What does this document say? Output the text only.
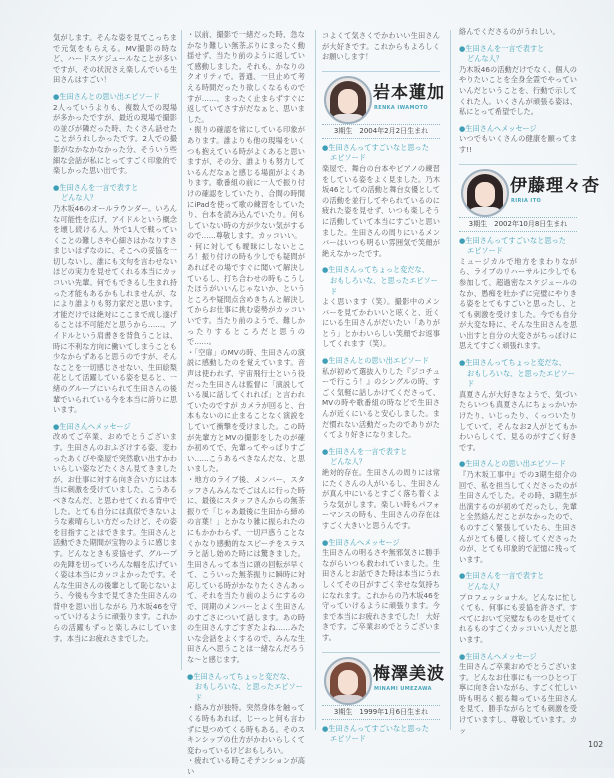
気がします。そんな姿を見てこっちまで元気をもらえる。MV撮影の時など、ハードスケジュールなことが多いですが、その状況さえ楽しんでいる生田さんはすごい！

●生田さんとの思い出エピソード

2人っていうよりも、複数人での現場が多かったですが、最近の現場で撮影の並びが隣だった時、たくさん話せたことがうれしかったです。2人での撮影がなかなかなかった分、そういう些細な会話が私にとってすごく印象的で楽しかった思い出です。

●生田さんを一言で表すと
どんな人？

乃木坂46のオールラウンダー。いろんな可能性を広げ、アイドルという概念を壊し続ける人。外で1人で戦っていくことの難しさや心細さはかなりすさまじいはずなのに、そこへの妥協を一切しないし、誰にも文句を言わせないほどの実力を見せてくれる本当にカッコいい先輩。何でもできるし生まれ持った才能もあるかもしれませんが、なにより誰よりも努力家だと思います。才能だけでは絶対にここまで成し遂げることは不可能だと思うから……。アイドルという肩書きを背負うことは、時に不利な方向に働いてしまうことも少なからずあると思うのですが、そんなことを一切感じさせない、生田絵梨花として活躍している姿を見ると、一緒のグループにいられて生田さんの後輩でいられている今を本当に誇りに思います。

●生田さんへメッセージ

改めてご卒業、おめでとうございます。生田さんのおふざけする姿、変わったあくびや楽屋で突然歌い出すかわいらしい姿などたくさん見てきましたが、お仕事に対する向き合い方には本当に刺激を受けていました。こうあるべきなんだ、と思わせてくれる背中でした。とても自分には真似できないような素晴らしい方だったけど、その姿を目指すことはできます。生田さんと活動できた期間が宝物のように感じます。どんなときも妥協せず、グループの先陣を切っていろんな幅を広げていく姿は本当にカッコよかったです。そんな生田さんの後輩として恥じないよう、今後も今まで見てきた生田さんの背中を思い出しながら 乃木坂46を守っていけるように頑張ります。これからの活躍もずっと楽しみにしています。本当にお疲れさまでした。

・以前、撮影で一緒だった時、急なかなり難しい無茶ぶりにまったく動揺せず、当たり前のように返していて感動しました。それも、かなりのクオリティで。普通、一旦止めて考える時間だったり欲しくなるものですが……、まったく止まらずすぐに返していてさすがだなぁと、思いました。

・振りの確認を常にしている印象があります。誰よりも他の現場をいくつも抱えている時がよくあると思いますが、その分、誰よりも努力しているんだなぁと感じる場面がよくあります。歌番組の前に一人で振り付けの確認をしていたり、合間の時間にiPadを使って歌の練習をしていたり、台本を読み込んでいたり。何もしていない時の方が少ない気がするので……尊敬します。カッコいい。

・何に対しても曖昧にしないところ！振り付けの時も少しでも疑問があればその場ですぐに聞いて解決しているし、打ち合わせの時もこうしたほうがいいんじゃないか、というところや疑問点含めきちんと解決してからお仕事に挑む姿勢がカッコいいです。当たり前のようで、難しかったりするところだと思うので……。

・「空扉」のMVの時、生田さんの演説に感動したのを覚えています。音声は使われず、宇宙飛行士という役だった生田さんは監督に「演説している風に話してくれれば」と言われていたのですが カメラが回ると、台本もないのに止まることなく演説をしていて衝撃を受けました。この時が先輩方とMVの撮影をしたのが確か初めてで、先輩ってやっぱりすごい……こうあるべきなんだな、と思いました。

・地方のライブ後、メンバー、スタッフさんみんなでごはんに行った時に、最後にスタッフさんからの無茶振りで「じゃあ最後に生田から締めの言葉！」とかなり雑に振られたのにもかかわらず、一切戸惑うことなくかなり感動的なスピーチをスラスラと話し始めた時には驚きました。生田さんって本当に頭の回転が早くて、こういった無茶振りに瞬時に対応している時がかなりたくさんあって、それを当たり前のようにするので、同期のメンバーとよく生田さんのすごさについて話します。あの時の生田さんすごすぎたよね……みたいな会話をよくするので、みんな生田さんへ思うことは一緒なんだろうな～と感じます。

●生田さんってちょっと変だな、
おもしろいな、と思ったエピソード

・絡み方が独特。突然身体を触ってくる時もあれば、じーっと何も言わずに見つめてくる時もある。そのスキンシップの仕方がかわいらしくて変わっているけどおもしろい。

・疲れている時こそテンションが高い

コよくて気さくでかわいい生田さんが大好きです。これからもよろしくお願いします！

岩本蓮加
RENKA IWAMOTO
3期生　2004年2月2日生まれ

●生田さんってすごいなと思った
エピソード

楽屋で、舞台の台本やピアノの練習をしている姿をよく見ました。乃木坂46としての活動と舞台女優としての活動を並行してやられているのに疲れた姿を見せず、いつも楽しそうに活動していて本当にすごいと思いました。生田さんの周りにいるメンバーはいつも明るい雰囲気で笑顔が絶えなかったです。

●生田さんってちょっと変だな、
おもしろいな、と思ったエピソード

よく思います（笑）。撮影中のメンバーを見てかわいいと呟くと、近くにいる生田さんがだいたい「ありがとう」とかわいらしい笑顔でお返事してくれます（笑）。

●生田さんとの思い出エピソード

私が初めて選抜入りした『ジコチューで行こう！』のシングルの時、すごく気軽に話しかけてくださって、MVの時や歌番組の時などで生田さんが近くにいると安心しました。まだ慣れない活動だったのでありがたくてより好きになりました。

●生田さんを一言で表すと
どんな人？

絶対的存在。生田さんの周りには常にたくさんの人がいるし、生田さんが真ん中にいるとすごく落ち着くような気がします。楽しい時もパフォーマンスの時も、生田さんの存在はすごく大きいと思うんです。

●生田さんへメッセージ

生田さんの明るさや無邪気さに勝手ながらいつも救われていました。生田さんとお話できた時は本当にうれしくてその日がすごく幸せな気持ちになれます。これからの乃木坂46を守っていけるように頑張ります。今まで本当にお疲れさまでした！ 大好きです。ご卒業おめでとうございます。

梅澤美波
MINAMI UMEZAWA
3期生　1999年1月6日生まれ

●生田さんってすごいなと思った
エピソード

絡んでくださるのがうれしい。

●生田さんを一言で表すと
どんな人？

乃木坂46の活動だけでなく、個人のやりたいことを全身全霊でやっていいんだということを、行動で示してくれた人。いくさんが頑張る姿は、私にとって希望でした。

●生田さんへメッセージ

いつでもいくさんの健康を願ってます!!

伊藤理々杏
RIRIA ITO
3期生　2002年10月8日生まれ

●生田さんってすごいなと思った
エピソード

ミュージカルで地方をまわりながら、ライブのリハーサルに少しでも参加して、超過密なスケジュールのなか、愚痴を吐かずに完璧にやりきる姿をとてもすごいと思ったし、とても刺激を受けました。今でも自分が大変な時に、そんな生田さんを思い出すと自分の大変さがちっぽけに思えてすごく頑張れます。

●生田さんってちょっと変だな、
おもしろいな、と思ったエピソード

真夏さんが大好きなようで、気づいたらいつも真夏さんにちょっかいかけたり、いじったり、くっついたりしていて、そんなお2人がとてもかわいらしくて、見るのがすごく好きです。

●生田さんとの思い出エピソード

『乃木坂工事中』での3期生紹介の回で、私を担当してくださったのが生田さんでした。その時、3期生が出演するのが初めてだったし、先輩と全然絡んだことがなかったので、ものすごく緊張していたら、生田さんがとても優しく接してくださったのが、とても印象的で記憶に残っています。

●生田さんを一言で表すと
どんな人？

プロフェッショナル。どんなに忙しくても、何事にも妥協を許さず、すべてにおいて完璧なものを見せてくれるものすごくカッコいい人だと思います。

●生田さんへメッセージ

生田さんご卒業おめでとうございます。どんなお仕事にも一つひとつ丁寧に向き合いながら、すごく忙しい時も明るく振る舞っている生田さんを見て、勝手ながらとても刺激を受けていますし、尊敬しています。カッ

102
